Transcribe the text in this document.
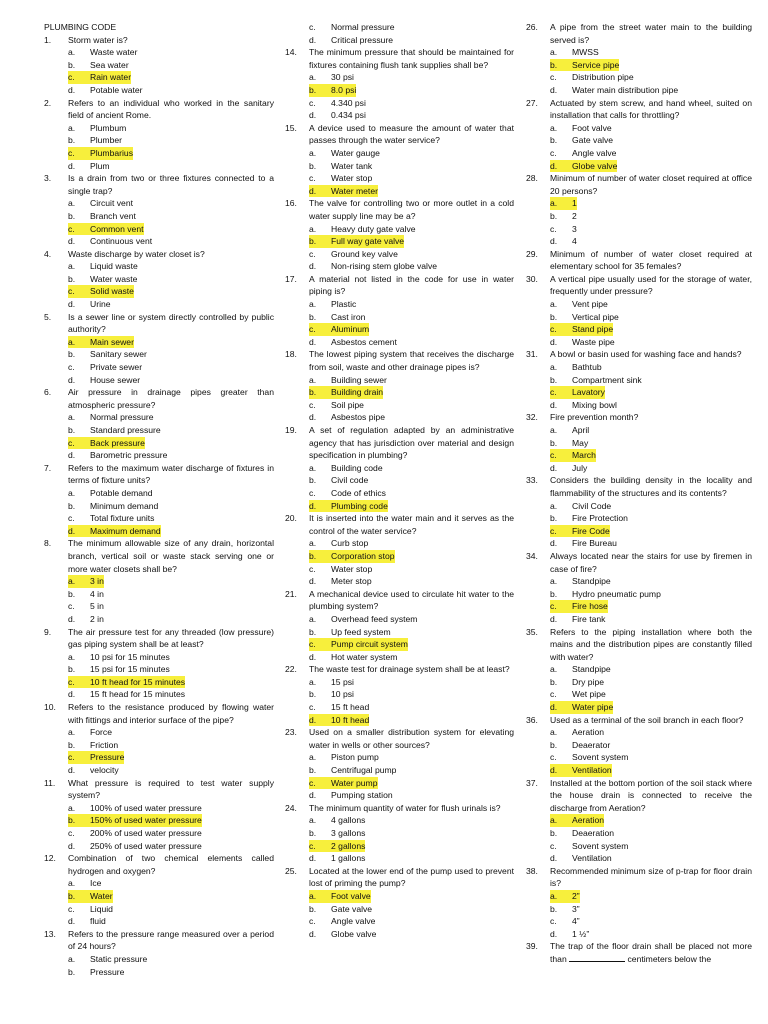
PLUMBING CODE
1.	Storm water is?
a.	Waste water
b.	Sea water
c.	Rain water
d.	Potable water
2.	Refers to an individual who worked in the sanitary field of ancient Rome.
a.	Plumbum
b.	Plumber
c.	Plumbarius
d.	Plum
3.	Is a drain from two or three fixtures connected to a single trap?
a.	Circuit vent
b.	Branch vent
c.	Common vent
d.	Continuous vent
4.	Waste discharge by water closet is?
a.	Liquid waste
b.	Water waste
c.	Solid waste
d.	Urine
5.	Is a sewer line or system directly controlled by public authority?
a.	Main sewer
b.	Sanitary sewer
c.	Private sewer
d.	House sewer
6.	Air pressure in drainage pipes greater than atmospheric pressure?
a.	Normal pressure
b.	Standard pressure
c.	Back pressure
d.	Barometric pressure
7.	Refers to the maximum water discharge of fixtures in terms of fixture units?
a.	Potable demand
b.	Minimum demand
c.	Total fixture units
d.	Maximum demand
8.	The minimum allowable size of any drain, horizontal branch, vertical soil or waste stack serving one or more water closets shall be?
a.	3 in
b.	4 in
c.	5 in
d.	2 in
9.	The air pressure test for any threaded (low pressure) gas piping system shall be at least?
a.	10 psi for 15 minutes
b.	15 psi for 15 minutes
c.	10 ft head for 15 minutes
d.	15 ft head for 15 minutes
10.	Refers to the resistance produced by flowing water with fittings and interior surface of the pipe?
a.	Force
b.	Friction
c.	Pressure
d.	velocity
11.	What pressure is required to test water supply system?
a.	100% of used water pressure
b.	150% of used water pressure
c.	200% of used water pressure
d.	250% of used water pressure
12.	Combination of two chemical elements called hydrogen and oxygen?
a.	Ice
b.	Water
c.	Liquid
d.	fluid
13.	Refers to the pressure range measured over a period of 24 hours?
a.	Static pressure
b.	Pressure
c.	Normal pressure
d.	Critical pressure
14.	The minimum pressure that should be maintained for fixtures containing flush tank supplies shall be?
a.	30 psi
b.	8.0 psi
c.	4.340 psi
d.	0.434 psi
15.	A device used to measure the amount of water that passes through the water service?
a.	Water gauge
b.	Water tank
c.	Water stop
d.	Water meter
16.	The valve for controlling two or more outlet in a cold water supply line may be a?
a.	Heavy duty gate valve
b.	Full way gate valve
c.	Ground key valve
d.	Non-rising stem globe valve
17.	A material not listed in the code for use in water piping is?
a.	Plastic
b.	Cast iron
c.	Aluminum
d.	Asbestos cement
18.	The lowest piping system that receives the discharge from soil, waste and other drainage pipes is?
a.	Building sewer
b.	Building drain
c.	Soil pipe
d.	Asbestos pipe
19.	A set of regulation adapted by an administrative agency that has jurisdiction over material and design specification in plumbing?
a.	Building code
b.	Civil code
c.	Code of ethics
d.	Plumbing code
20.	It is inserted into the water main and it serves as the control of the water service?
a.	Curb stop
b.	Corporation stop
c.	Water stop
d.	Meter stop
21.	A mechanical device used to circulate hit water to the plumbing system?
a.	Overhead feed system
b.	Up feed system
c.	Pump circuit system
d.	Hot water system
22.	The waste test for drainage system shall be at least?
a.	15 psi
b.	10 psi
c.	15 ft head
d.	10 ft head
23.	Used on a smaller distribution system for elevating water in wells or other sources?
a.	Piston pump
b.	Centrifugal pump
c.	Water pump
d.	Pumping station
24.	The minimum quantity of water for flush urinals is?
a.	4 gallons
b.	3 gallons
c.	2 gallons
d.	1 gallons
25.	Located at the lower end of the pump used to prevent lost of priming the pump?
a.	Foot valve
b.	Gate valve
c.	Angle valve
d.	Globe valve
26.	A pipe from the street water main to the building served is?
a.	MWSS
b.	Service pipe
c.	Distribution pipe
d.	Water main distribution pipe
27.	Actuated by stem screw, and hand wheel, suited on installation that calls for throttling?
a.	Foot valve
b.	Gate valve
c.	Angle valve
d.	Globe valve
28.	Minimum of number of water closet required at office 20 persons?
a.	1
b.	2
c.	3
d.	4
29.	Minimum of number of water closet required at elementary school for 35 females?
30.	A vertical pipe usually used for the storage of water, frequently under pressure?
a.	Vent pipe
b.	Vertical pipe
c.	Stand pipe
d.	Waste pipe
31.	A bowl or basin used for washing face and hands?
a.	Bathtub
b.	Compartment sink
c.	Lavatory
d.	Mixing bowl
32.	Fire prevention month?
a.	April
b.	May
c.	March
d.	July
33.	Considers the building density in the locality and flammability of the structures and its contents?
a.	Civil Code
b.	Fire Protection
c.	Fire Code
d.	Fire Bureau
34.	Always located near the stairs for use by firemen in case of fire?
a.	Standpipe
b.	Hydro pneumatic pump
c.	Fire hose
d.	Fire tank
35.	Refers to the piping installation where both the mains and the distribution pipes are constantly filled with water?
a.	Standpipe
b.	Dry pipe
c.	Wet pipe
d.	Water pipe
36.	Used as a terminal of the soil branch in each floor?
a.	Aeration
b.	Deaerator
c.	Sovent system
d.	Ventilation
37.	Installed at the bottom portion of the soil stack where the house drain is connected to receive the discharge from Aeration?
a.	Aeration
b.	Deaeration
c.	Sovent system
d.	Ventilation
38.	Recommended minimum size of p-trap for floor drain is?
a.	2”
b.	3”
c.	4”
d.	1 ½”
39.	The trap of the floor drain shall be placed not more than	centimeters below the
